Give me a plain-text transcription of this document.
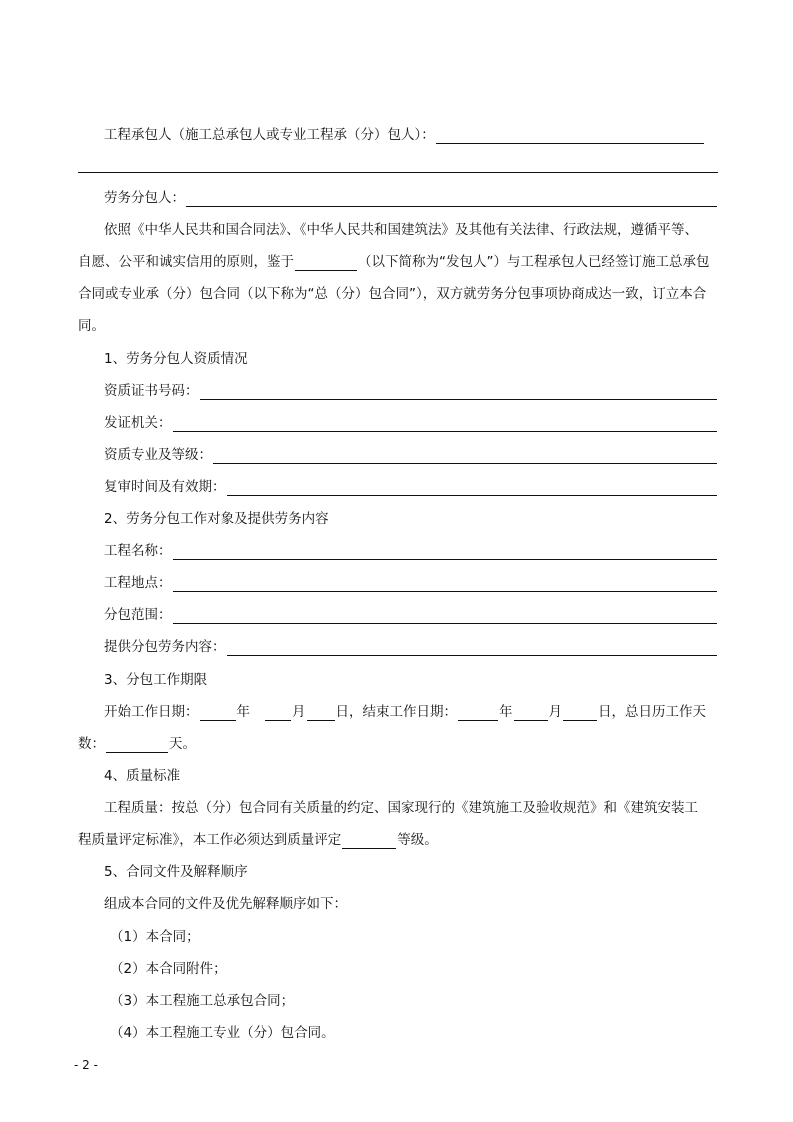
工程承包人（施工总承包人或专业工程承（分）包人）：
劳务分包人：
依照《中华人民共和国合同法》、《中华人民共和国建筑法》及其他有关法律、行政法规，遵循平等、
自愿、公平和诚实信用的原则，鉴于	（以下简称为“发包人”）与工程承包人已经签订施工总承包
合同或专业承（分）包合同（以下称为“总（分）包合同”），双方就劳务分包事项协商成达一致，订立本合
同。
1、劳务分包人资质情况
资质证书号码：
发证机关：
资质专业及等级：
复审时间及有效期：
2、劳务分包工作对象及提供劳务内容
工程名称：
工程地点：
分包范围：
提供分包劳务内容：
3、分包工作期限
开始工作日期：	年	月 日，结束工作日期：	年	月	日，总日历工作天
数：	天。
4、质量标准
工程质量：按总（分）包合同有关质量的约定、国家现行的《建筑施工及验收规范》和《建筑安装工
程质量评定标准》，本工作必须达到质量评定	等级。
5、合同文件及解释顺序
组成本合同的文件及优先解释顺序如下：
（1）本合同；
（2）本合同附件；
（3）本工程施工总承包合同；
（4）本工程施工专业（分）包合同。
- 2 -
